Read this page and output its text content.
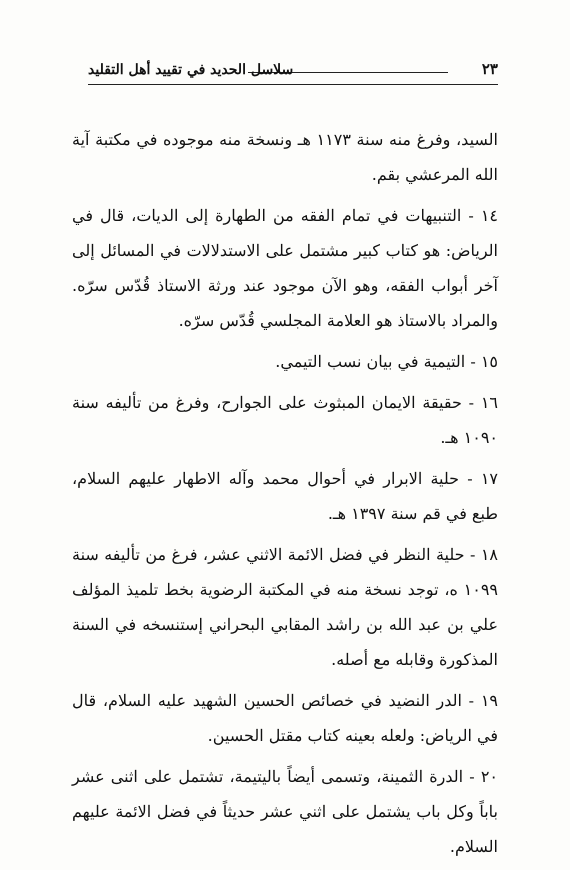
٢٣
سلاسل الحديد في تقييد أهل التقليد

السيد، وفرغ منه سنة ١١٧٣ هـ ونسخة منه موجوده في مكتبة آية الله المرعشي بقم.

١٤ - التنبيهات في تمام الفقه من الطهارة إلى الديات، قال في الرياض: هو كتاب كبير مشتمل على الاستدلالات في المسائل إلى آخر أبواب الفقه، وهو الآن موجود عند ورثة الاستاذ قُدّس سرّه. والمراد بالاستاذ هو العلامة المجلسي قُدّس سرّه.

١٥ - التيمية في بيان نسب التيمي.

١٦ - حقيقة الايمان المبثوث على الجوارح، وفرغ من تأليفه سنة ١٠٩٠ هـ.

١٧ - حلية الابرار في أحوال محمد وآله الاطهار عليهم السلام، طبع في قم سنة ١٣٩٧ هـ.

١٨ - حلية النظر في فضل الائمة الاثني عشر، فرغ من تأليفه سنة ١٠٩٩ ه، توجد نسخة منه في المكتبة الرضوية بخط تلميذ المؤلف علي بن عبد الله بن راشد المقابي البحراني إستنسخه في السنة المذكورة وقابله مع أصله.

١٩ - الدر النضيد في خصائص الحسين الشهيد عليه السلام، قال في الرياض: ولعله بعينه كتاب مقتل الحسين.

٢٠ - الدرة الثمينة، وتسمى أيضاً باليتيمة، تشتمل على اثنى عشر باباً وكل باب يشتمل على اثني عشر حديثاً في فضل الائمة عليهم السلام.
